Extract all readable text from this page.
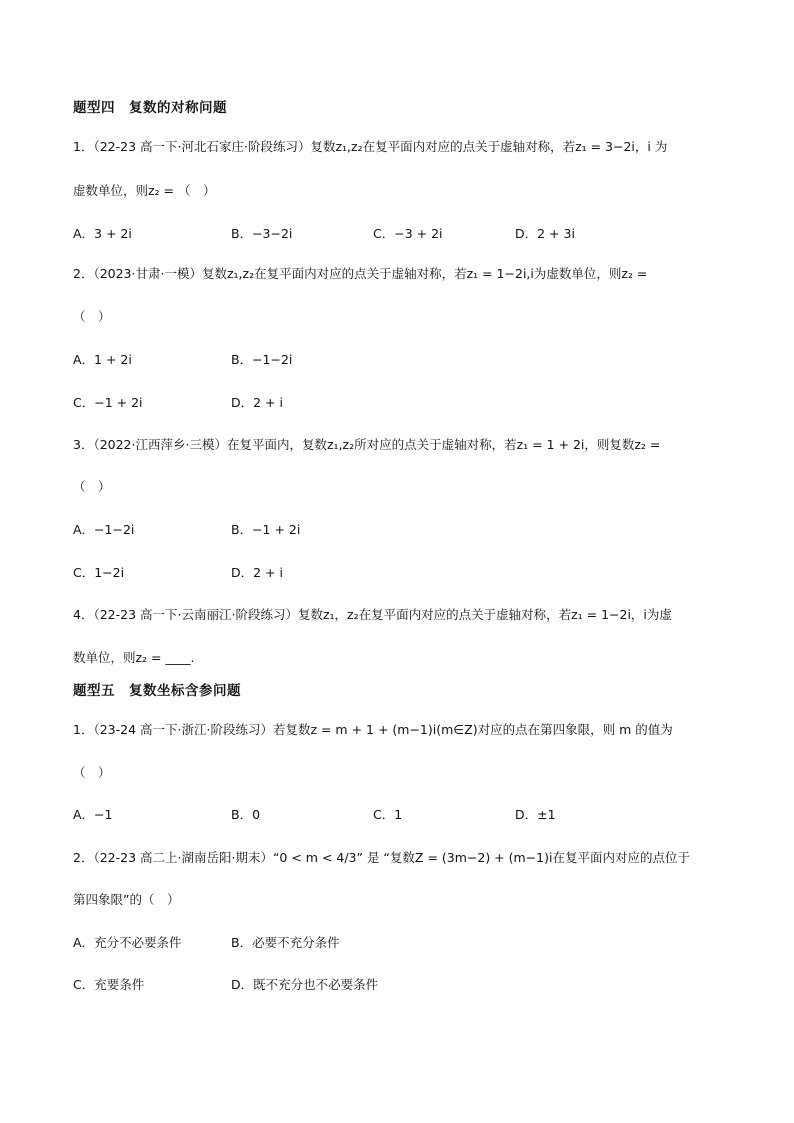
题型四　复数的对称问题
1．（22-23 高一下·河北石家庄·阶段练习）复数z₁,z₂在复平面内对应的点关于虚轴对称，若z₁ = 3−2i，i 为
虚数单位，则z₂ = （　）
A．3 + 2i	B．−3−2i	C．−3 + 2i	D．2 + 3i
2．（2023·甘肃·一模）复数z₁,z₂在复平面内对应的点关于虚轴对称，若z₁ = 1−2i,i为虚数单位，则z₂ =
（　）
A．1 + 2i	B．−1−2i
C．−1 + 2i	D．2 + i
3．（2022·江西萍乡·三模）在复平面内，复数z₁,z₂所对应的点关于虚轴对称，若z₁ = 1 + 2i，则复数z₂ =
（　）
A．−1−2i	B．−1 + 2i
C．1−2i	D．2 + i
4．（22-23 高一下·云南丽江·阶段练习）复数z₁，z₂在复平面内对应的点关于虚轴对称，若z₁ = 1−2i，i为虚
数单位，则z₂ = ____.
题型五　复数坐标含参问题
1．（23-24 高一下·浙江·阶段练习）若复数z = m + 1 + (m−1)i(m∈Z)对应的点在第四象限，则 m 的值为
（　）
A．−1	B．0	C．1	D．±1
2．（22-23 高二上·湖南岳阳·期末）“0 < m < 4/3” 是 “复数Z = (3m−2) + (m−1)i在复平面内对应的点位于
第四象限”的（　）
A．充分不必要条件	B．必要不充分条件
C．充要条件	D．既不充分也不必要条件
